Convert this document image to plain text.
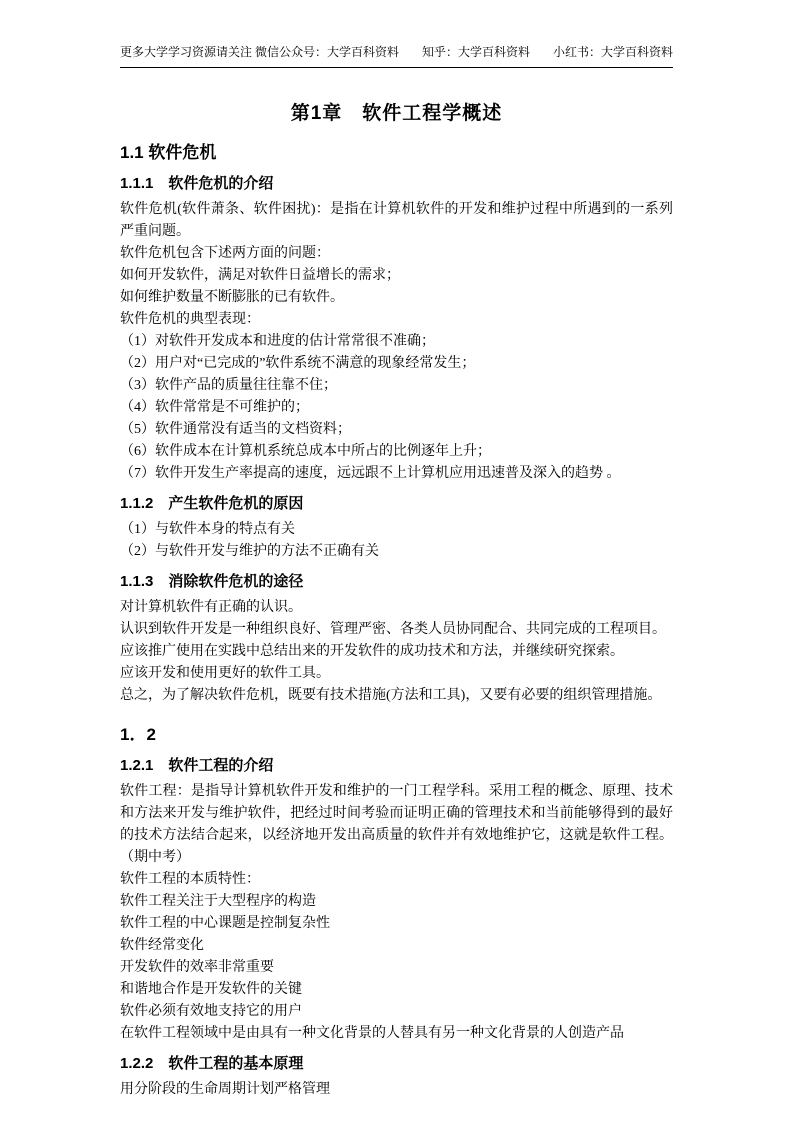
更多大学学习资源请关注 微信公众号：大学百科资料 知乎：大学百科资料 小红书：大学百科资料
第1章　软件工程学概述
1.1 软件危机
1.1.1　软件危机的介绍
软件危机(软件萧条、软件困扰)：是指在计算机软件的开发和维护过程中所遇到的一系列严重问题。
软件危机包含下述两方面的问题：
如何开发软件，满足对软件日益增长的需求；
如何维护数量不断膨胀的已有软件。
软件危机的典型表现：
（1）对软件开发成本和进度的估计常常很不准确；
（2）用户对“已完成的”软件系统不满意的现象经常发生；
（3）软件产品的质量往往靠不住；
（4）软件常常是不可维护的；
（5）软件通常没有适当的文档资料；
（6）软件成本在计算机系统总成本中所占的比例逐年上升；
（7）软件开发生产率提高的速度，远远跟不上计算机应用迅速普及深入的趋势 。
1.1.2　产生软件危机的原因
（1）与软件本身的特点有关
（2）与软件开发与维护的方法不正确有关
1.1.3　消除软件危机的途径
对计算机软件有正确的认识。
认识到软件开发是一种组织良好、管理严密、各类人员协同配合、共同完成的工程项目。
应该推广使用在实践中总结出来的开发软件的成功技术和方法，并继续研究探索。
应该开发和使用更好的软件工具。
总之，为了解决软件危机，既要有技术措施(方法和工具)，又要有必要的组织管理措施。
1．2
1.2.1　软件工程的介绍
软件工程：是指导计算机软件开发和维护的一门工程学科。采用工程的概念、原理、技术和方法来开发与维护软件，把经过时间考验而证明正确的管理技术和当前能够得到的最好的技术方法结合起来，以经济地开发出高质量的软件并有效地维护它，这就是软件工程。（期中考）
软件工程的本质特性：
软件工程关注于大型程序的构造
软件工程的中心课题是控制复杂性
软件经常变化
开发软件的效率非常重要
和谐地合作是开发软件的关键
软件必须有效地支持它的用户
在软件工程领域中是由具有一种文化背景的人替具有另一种文化背景的人创造产品
1.2.2　软件工程的基本原理
用分阶段的生命周期计划严格管理
